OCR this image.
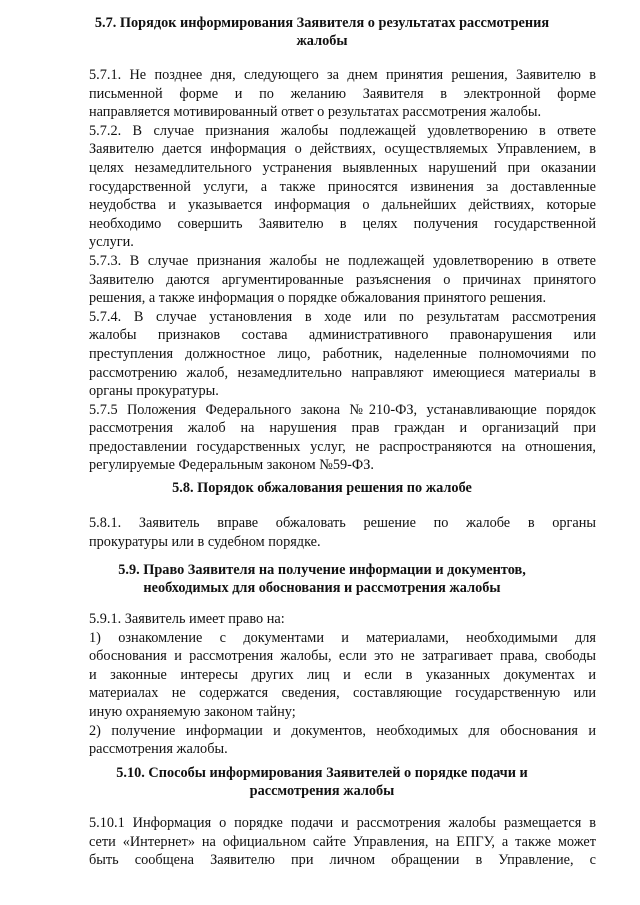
5.7. Порядок информирования Заявителя о результатах рассмотрения
жалобы
5.7.1. Не позднее дня, следующего за днем принятия решения, Заявителю в
письменной форме и по желанию Заявителя в электронной форме
направляется мотивированный ответ о результатах рассмотрения жалобы.
5.7.2. В случае признания жалобы подлежащей удовлетворению в ответе
Заявителю дается информация о действиях, осуществляемых Управлением, в
целях незамедлительного устранения выявленных нарушений при оказании
государственной услуги, а также приносятся извинения за доставленные
неудобства и указывается информация о дальнейших действиях, которые
необходимо совершить Заявителю в целях получения государственной
услуги.
5.7.3. В случае признания жалобы не подлежащей удовлетворению в ответе
Заявителю даются аргументированные разъяснения о причинах принятого
решения, а также информация о порядке обжалования принятого решения.
5.7.4. В случае установления в ходе или по результатам рассмотрения
жалобы признаков состава административного правонарушения или
преступления должностное лицо, работник, наделенные полномочиями по
рассмотрению жалоб, незамедлительно направляют имеющиеся материалы в
органы прокуратуры.
5.7.5 Положения Федерального закона №210-ФЗ, устанавливающие порядок
рассмотрения жалоб на нарушения прав граждан и организаций при
предоставлении государственных услуг, не распространяются на отношения,
регулируемые Федеральным законом №59-ФЗ.
5.8. Порядок обжалования решения по жалобе
5.8.1. Заявитель вправе обжаловать решение по жалобе в органы
прокуратуры или в судебном порядке.
5.9. Право Заявителя на получение информации и документов,
необходимых для обоснования и рассмотрения жалобы
5.9.1. Заявитель имеет право на:
1) ознакомление с документами и материалами, необходимыми для
обоснования и рассмотрения жалобы, если это не затрагивает права, свободы
и законные интересы других лиц и если в указанных документах и
материалах не содержатся сведения, составляющие государственную или
иную охраняемую законом тайну;
2) получение информации и документов, необходимых для обоснования и
рассмотрения жалобы.
5.10. Способы информирования Заявителей о порядке подачи и
рассмотрения жалобы
5.10.1 Информация о порядке подачи и рассмотрения жалобы размещается в
сети «Интернет» на официальном сайте Управления, на ЕПГУ, а также может
быть сообщена Заявителю при личном обращении в Управление, с
